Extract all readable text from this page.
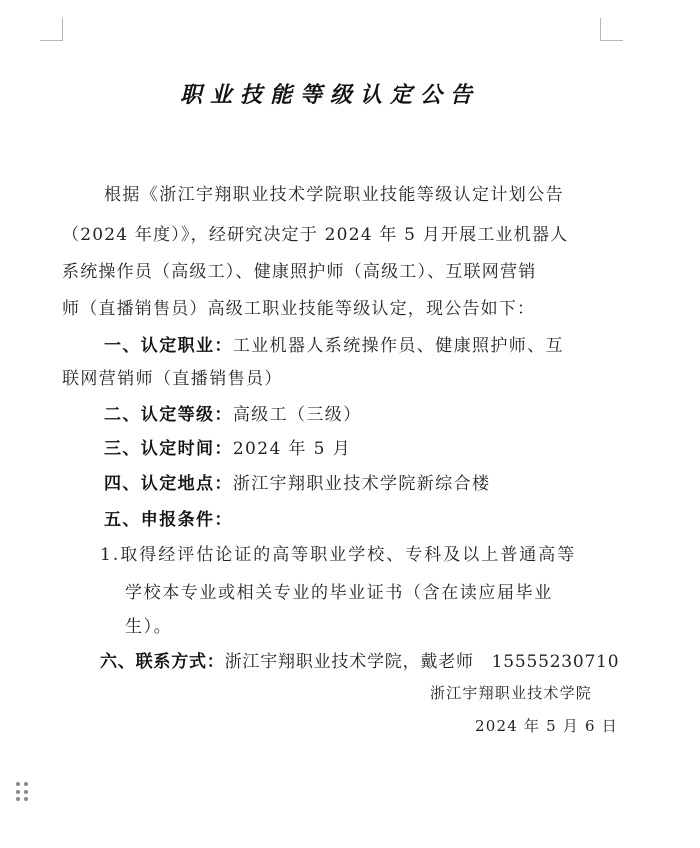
职业技能等级认定公告
根据《浙江宇翔职业技术学院职业技能等级认定计划公告
（2024 年度）》，经研究决定于 2024 年 5 月开展工业机器人
系统操作员（高级工）、健康照护师（高级工）、互联网营销
师（直播销售员）高级工职业技能等级认定，现公告如下：
一、认定职业：工业机器人系统操作员、健康照护师、互
联网营销师（直播销售员）
二、认定等级：高级工（三级）
三、认定时间：2024 年 5 月
四、认定地点：浙江宇翔职业技术学院新综合楼
五、申报条件：
1.取得经评估论证的高等职业学校、专科及以上普通高等
学校本专业或相关专业的毕业证书（含在读应届毕业
生）。
六、联系方式：浙江宇翔职业技术学院，戴老师　15555230710
浙江宇翔职业技术学院
2024 年 5 月 6 日
